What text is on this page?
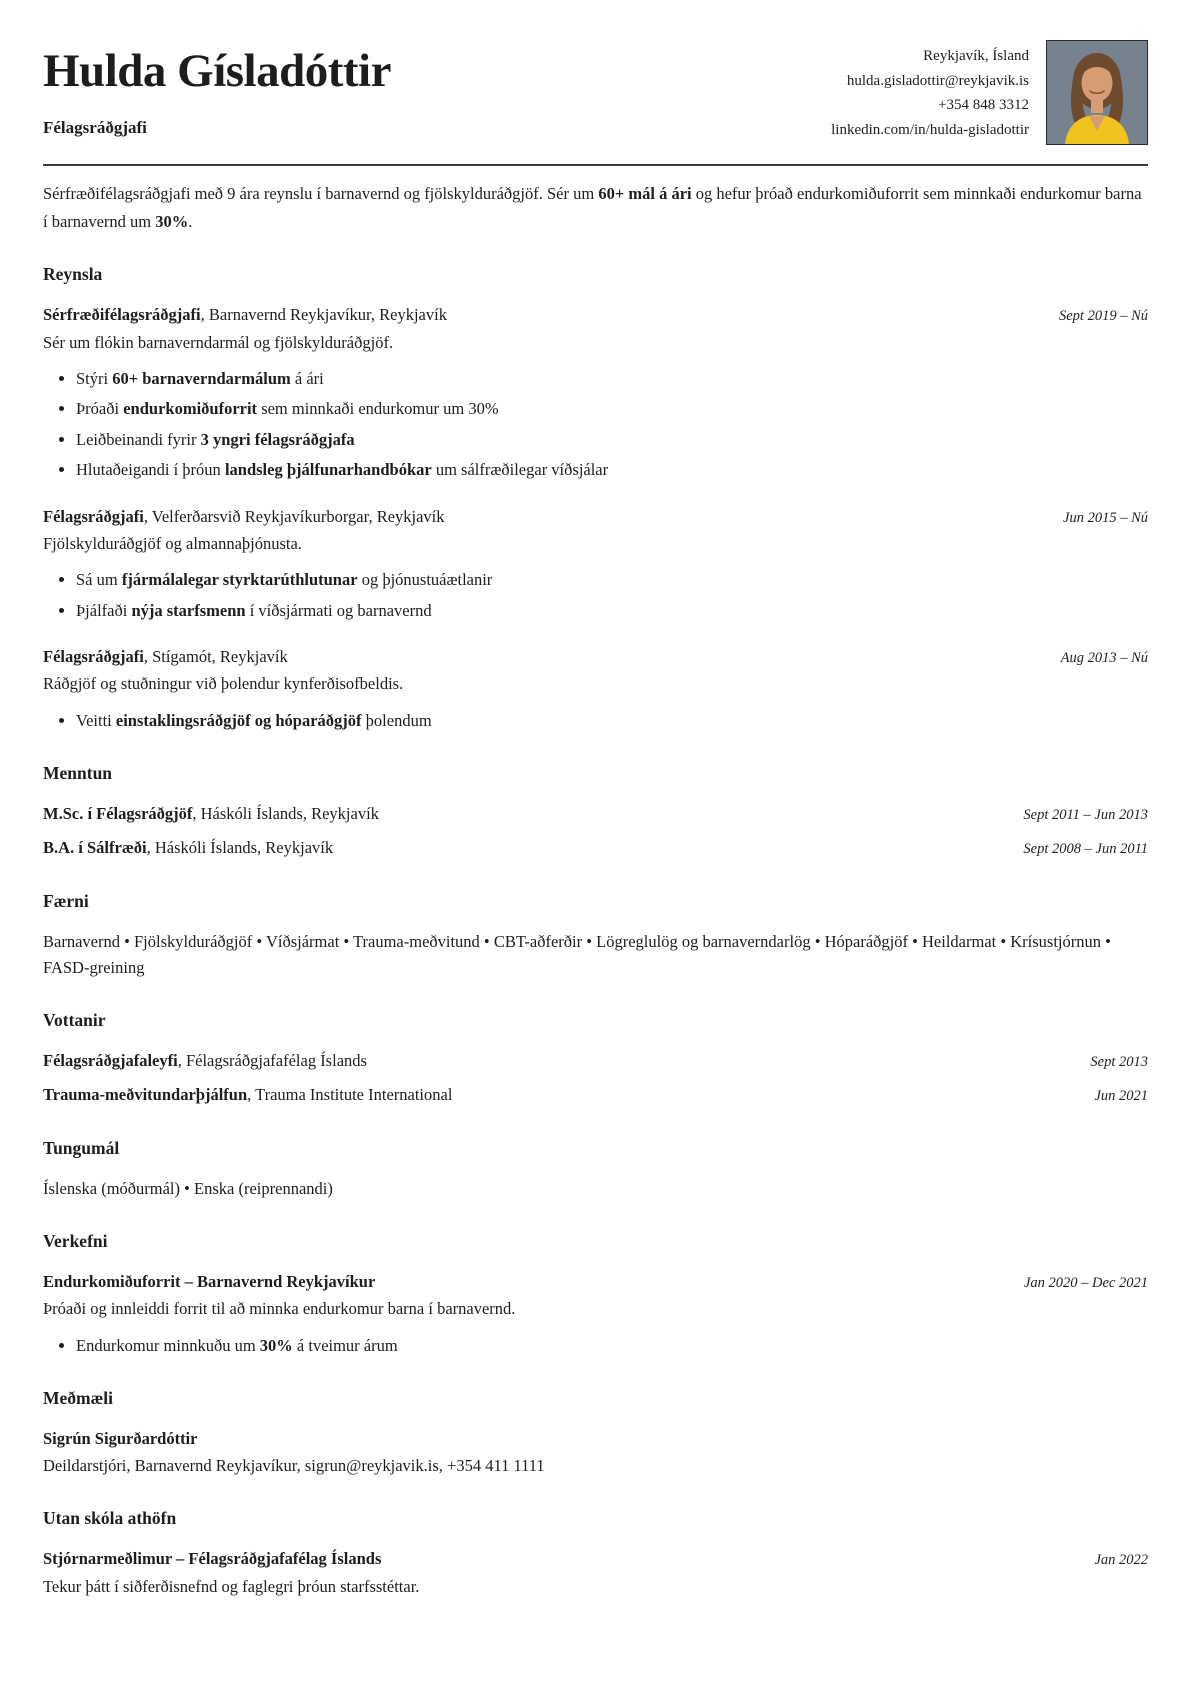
Hulda Gísladóttir
Félagsráðgjafi
Reykjavík, Ísland
hulda.gisladottir@reykjavik.is
+354 848 3312
linkedin.com/in/hulda-gisladottir

Sérfræðifélagsráðgjafi með 9 ára reynslu í barnavernd og fjölskylduráðgjöf. Sér um 60+ mál á ári og hefur þróað endurkomiðuforrit sem minnkaði endurkomur barna í barnavernd um 30%.

Reynsla
Sérfræðifélagsráðgjafi, Barnavernd Reykjavíkur, Reykjavík	Sept 2019 – Nú

Sér um flókin barnaverndarmál og fjölskylduráðgjöf.

• Stýri 60+ barnaverndarmálum á ári
• Þróaði endurkomiðuforrit sem minnkaði endurkomur um 30%
• Leiðbeinandi fyrir 3 yngri félagsráðgjafa
• Hlutaðeigandi í þróun landsleg þjálfunarhandbókar um sálfræðilegar víðsjálar
Félagsráðgjafi, Velferðarsvið Reykjavíkurborgar, Reykjavík	Jun 2015 – Nú

Fjölskylduráðgjöf og almannaþjónusta.

• Sá um fjármálalegar styrktarúthlutunar og þjónustuáætlanir
• Þjálfaði nýja starfsmenn í víðsjármati og barnavernd
Félagsráðgjafi, Stígamót, Reykjavík	Aug 2013 – Nú

Ráðgjöf og stuðningur við þolendur kynferðisofbeldis.

• Veitti einstaklingsráðgjöf og hóparáðgjöf þolendum
Menntun
M.Sc. í Félagsráðgjöf, Háskóli Íslands, Reykjavík	Sept 2011 – Jun 2013
B.A. í Sálfræði, Háskóli Íslands, Reykjavík	Sept 2008 – Jun 2011
Færni

Barnavernd • Fjölskylduráðgjöf • Víðsjármat • Trauma-meðvitund • CBT-aðferðir • Lögreglulög og barnaverndarlög • Hóparáðgjöf • Heildarmat • Krísustjórnun • FASD-greining

Vottanir
Félagsráðgjafaleyfi, Félagsráðgjafafélag Íslands	Sept 2013
Trauma-meðvitundarþjálfun, Trauma Institute International	Jun 2021
Tungumál

Íslenska (móðurmál) • Enska (reiprennandi)

Verkefni
Endurkomiðuforrit – Barnavernd Reykjavíkur	Jan 2020 – Dec 2021

Þróaði og innleiddi forrit til að minnka endurkomur barna í barnavernd.

• Endurkomur minnkuðu um 30% á tveimur árum
Meðmæli
Sigrún Sigurðardóttir
Deildarstjóri, Barnavernd Reykjavíkur, sigrun@reykjavik.is, +354 411 1111
Utan skóla athöfn
Stjórnarmeðlimur – Félagsráðgjafafélag Íslands	Jan 2022

Tekur þátt í siðferðisnefnd og faglegri þróun starfsstéttar.
